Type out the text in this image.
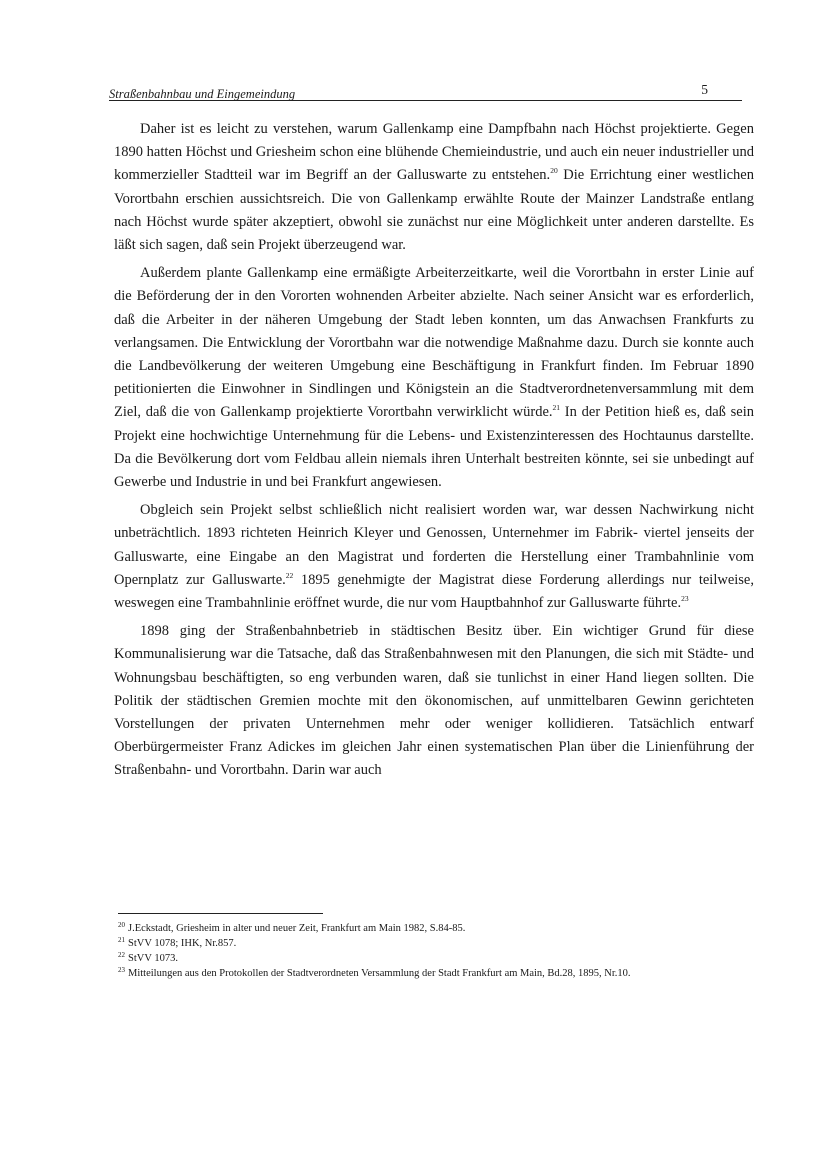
Straßenbahnbau und Eingemeindung	5

Daher ist es leicht zu verstehen, warum Gallenkamp eine Dampfbahn nach Höchst projektierte. Gegen 1890 hatten Höchst und Griesheim schon eine blühende Chemieindustrie, und auch ein neuer industrieller und kommerzieller Stadtteil war im Begriff an der Galluswarte zu entstehen.$^{20}$ Die Errichtung einer westlichen Vorortbahn erschien aussichtsreich. Die von Gallenkamp erwählte Route der Mainzer Landstraße entlang nach Höchst wurde später akzeptiert, obwohl sie zunächst nur eine Möglichkeit unter anderen darstellte. Es läßt sich sagen, daß sein Projekt überzeugend war.

Außerdem plante Gallenkamp eine ermäßigte Arbeiterzeitkarte, weil die Vorortbahn in erster Linie auf die Beförderung der in den Vororten wohnenden Arbeiter abzielte. Nach seiner Ansicht war es erforderlich, daß die Arbeiter in der näheren Umgebung der Stadt leben konnten, um das Anwachsen Frankfurts zu verlangsamen. Die Entwicklung der Vorortbahn war die notwendige Maßnahme dazu. Durch sie konnte auch die Landbevölkerung der weiteren Umgebung eine Beschäftigung in Frankfurt finden. Im Februar 1890 petitionierten die Einwohner in Sindlingen und Königstein an die Stadtverordnetenversammlung mit dem Ziel, daß die von Gallenkamp projektierte Vorortbahn verwirklicht würde.$^{21}$ In der Petition hieß es, daß sein Projekt eine hochwichtige Unternehmung für die Lebens- und Existenzinteressen des Hochtaunus darstellte. Da die Bevölkerung dort vom Feldbau allein niemals ihren Unterhalt bestreiten könnte, sei sie unbedingt auf Gewerbe und Industrie in und bei Frankfurt angewiesen.

Obgleich sein Projekt selbst schließlich nicht realisiert worden war, war dessen Nachwirkung nicht unbeträchtlich. 1893 richteten Heinrich Kleyer und Genossen, Unternehmer im Fabrik- viertel jenseits der Galluswarte, eine Eingabe an den Magistrat und forderten die Herstellung einer Trambahnlinie vom Opernplatz zur Galluswarte.$^{22}$ 1895 genehmigte der Magistrat diese Forderung allerdings nur teilweise, weswegen eine Trambahnlinie eröffnet wurde, die nur vom Hauptbahnhof zur Galluswarte führte.$^{23}$

1898 ging der Straßenbahnbetrieb in städtischen Besitz über. Ein wichtiger Grund für diese Kommunalisierung war die Tatsache, daß das Straßenbahnwesen mit den Planungen, die sich mit Städte- und Wohnungsbau beschäftigten, so eng verbunden waren, daß sie tunlichst in einer Hand liegen sollten. Die Politik der städtischen Gremien mochte mit den ökonomischen, auf unmittelbaren Gewinn gerichteten Vorstellungen der privaten Unternehmen mehr oder weniger kollidieren. Tatsächlich entwarf Oberbürgermeister Franz Adickes im gleichen Jahr einen systematischen Plan über die Linienführung der Straßenbahn- und Vorortbahn. Darin war auch

$^{20}$ J.Eckstadt, Griesheim in alter und neuer Zeit, Frankfurt am Main 1982, S.84-85.

$^{21}$ StVV 1078; IHK, Nr.857.

$^{22}$ StVV 1073.

$^{23}$ Mitteilungen aus den Protokollen der Stadtverordneten Versammlung der Stadt Frankfurt am Main, Bd.28, 1895, Nr.10.
